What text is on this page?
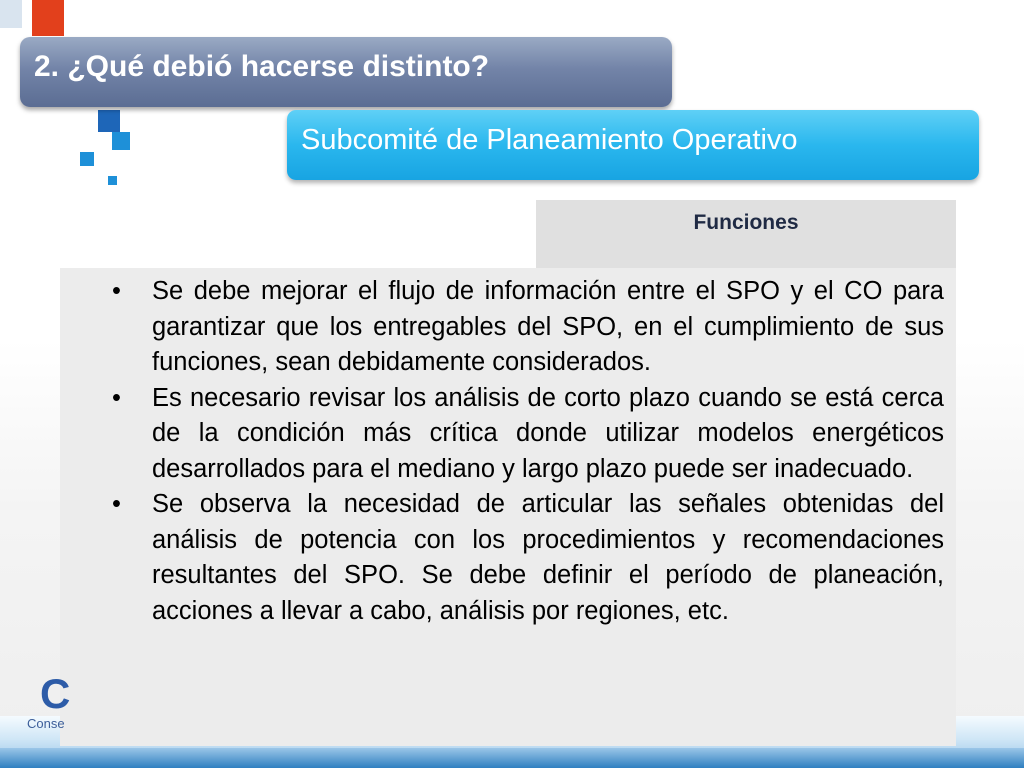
2. ¿Qué debió hacerse distinto?
Subcomité de Planeamiento Operativo
Funciones
• Se debe mejorar el flujo de información entre el SPO y el CO para garantizar que los entregables del SPO, en el cumplimiento de sus funciones, sean debidamente considerados.
• Es necesario revisar los análisis de corto plazo cuando se está cerca de la condición más crítica donde utilizar modelos energéticos desarrollados para el mediano y largo plazo puede ser inadecuado.
• Se observa la necesidad de articular las señales obtenidas del análisis de potencia con los procedimientos y recomendaciones resultantes del SPO. Se debe definir el período de planeación, acciones a llevar a cabo, análisis por regiones, etc.
C
Conse
